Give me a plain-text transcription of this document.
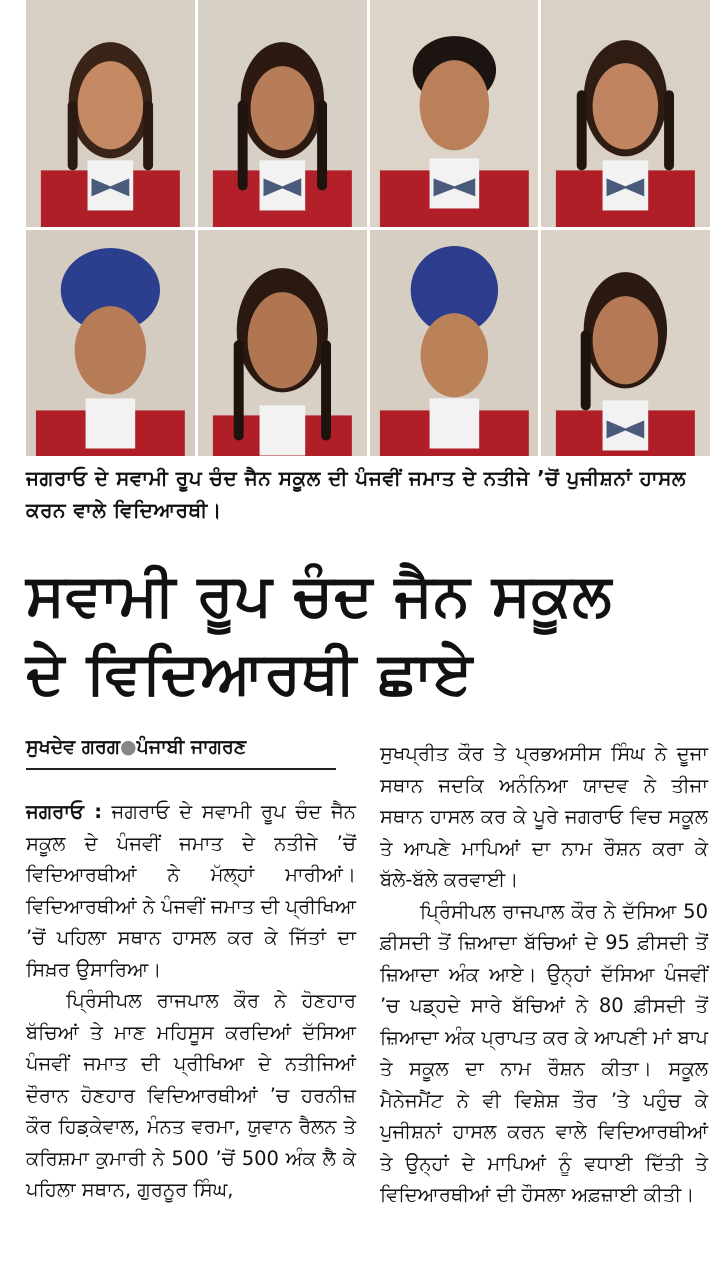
ਜਗਰਾਓ ਦੇ ਸਵਾਮੀ ਰੂਪ ਚੰਦ ਜੈਨ ਸਕੂਲ ਦੀ ਪੰਜਵੀਂ ਜਮਾਤ ਦੇ ਨਤੀਜੇ ’ਚੋਂ ਪੁਜੀਸ਼ਨਾਂ ਹਾਸਲ ਕਰਨ ਵਾਲੇ ਵਿਦਿਆਰਥੀ।
ਸਵਾਮੀ ਰੂਪ ਚੰਦ ਜੈਨ ਸਕੂਲ
ਦੇ ਵਿਦਿਆਰਥੀ ਛਾਏ
ਸੁਖਦੇਵ ਗਰਗ●ਪੰਜਾਬੀ ਜਾਗਰਣ

ਜਗਰਾਓ : ਜਗਰਾਓ ਦੇ ਸਵਾਮੀ ਰੂਪ ਚੰਦ ਜੈਨ ਸਕੂਲ ਦੇ ਪੰਜਵੀਂ ਜਮਾਤ ਦੇ ਨਤੀਜੇ ’ਚੋਂ ਵਿਦਿਆਰਥੀਆਂ ਨੇ ਮੱਲ੍ਹਾਂ ਮਾਰੀਆਂ। ਵਿਦਿਆਰਥੀਆਂ ਨੇ ਪੰਜਵੀਂ ਜਮਾਤ ਦੀ ਪ੍ਰੀਖਿਆ ’ਚੋਂ ਪਹਿਲਾ ਸਥਾਨ ਹਾਸਲ ਕਰ ਕੇ ਜਿੱਤਾਂ ਦਾ ਸਿਖ਼ਰ ਉਸਾਰਿਆ।

ਪ੍ਰਿੰਸੀਪਲ ਰਾਜਪਾਲ ਕੌਰ ਨੇ ਹੋਣਹਾਰ ਬੱਚਿਆਂ ਤੇ ਮਾਣ ਮਹਿਸੂਸ ਕਰਦਿਆਂ ਦੱਸਿਆ ਪੰਜਵੀਂ ਜਮਾਤ ਦੀ ਪ੍ਰੀਖਿਆ ਦੇ ਨਤੀਜਿਆਂ ਦੌਰਾਨ ਹੋਣਹਾਰ ਵਿਦਿਆਰਥੀਆਂ ’ਚ ਹਰਨੀਜ਼ ਕੌਰ ਹਿਡ਼ਕੇਵਾਲ, ਮੰਨਤ ਵਰਮਾ, ਯੁਵਾਨ ਰੈਲਨ ਤੇ ਕਰਿਸ਼ਮਾ ਕੁਮਾਰੀ ਨੇ 500 ’ਚੋਂ 500 ਅੰਕ ਲੈ ਕੇ ਪਹਿਲਾ ਸਥਾਨ, ਗੁਰਨੂਰ ਸਿੰਘ,

ਸੁਖਪ੍ਰੀਤ ਕੌਰ ਤੇ ਪ੍ਰਭਅਸੀਸ ਸਿੰਘ ਨੇ ਦੂਜਾ ਸਥਾਨ ਜਦਕਿ ਅਨੰਨਿਆ ਯਾਦਵ ਨੇ ਤੀਜਾ ਸਥਾਨ ਹਾਸਲ ਕਰ ਕੇ ਪੂਰੇ ਜਗਰਾਓ ਵਿਚ ਸਕੂਲ ਤੇ ਆਪਣੇ ਮਾਪਿਆਂ ਦਾ ਨਾਮ ਰੌਸ਼ਨ ਕਰਾ ਕੇ ਬੱਲੇ-ਬੱਲੇ ਕਰਵਾਈ।

ਪ੍ਰਿੰਸੀਪਲ ਰਾਜਪਾਲ ਕੌਰ ਨੇ ਦੱਸਿਆ 50 ਫ਼ੀਸਦੀ ਤੋਂ ਜ਼ਿਆਦਾ ਬੱਚਿਆਂ ਦੇ 95 ਫ਼ੀਸਦੀ ਤੋਂ ਜ਼ਿਆਦਾ ਅੰਕ ਆਏ। ਉਨ੍ਹਾਂ ਦੱਸਿਆ ਪੰਜਵੀਂ ’ਚ ਪਡ਼੍ਹਦੇ ਸਾਰੇ ਬੱਚਿਆਂ ਨੇ 80 ਫ਼ੀਸਦੀ ਤੋਂ ਜ਼ਿਆਦਾ ਅੰਕ ਪ੍ਰਾਪਤ ਕਰ ਕੇ ਆਪਣੀ ਮਾਂ ਬਾਪ ਤੇ ਸਕੂਲ ਦਾ ਨਾਮ ਰੌਸ਼ਨ ਕੀਤਾ। ਸਕੂਲ ਮੈਨੇਜਮੈਂਟ ਨੇ ਵੀ ਵਿਸ਼ੇਸ਼ ਤੌਰ ’ਤੇ ਪਹੁੰਚ ਕੇ ਪੁਜੀਸ਼ਨਾਂ ਹਾਸਲ ਕਰਨ ਵਾਲੇ ਵਿਦਿਆਰਥੀਆਂ ਤੇ ਉਨ੍ਹਾਂ ਦੇ ਮਾਪਿਆਂ ਨੂੰ ਵਧਾਈ ਦਿੱਤੀ ਤੇ ਵਿਦਿਆਰਥੀਆਂ ਦੀ ਹੌਸਲਾ ਅਫ਼ਜ਼ਾਈ ਕੀਤੀ।
